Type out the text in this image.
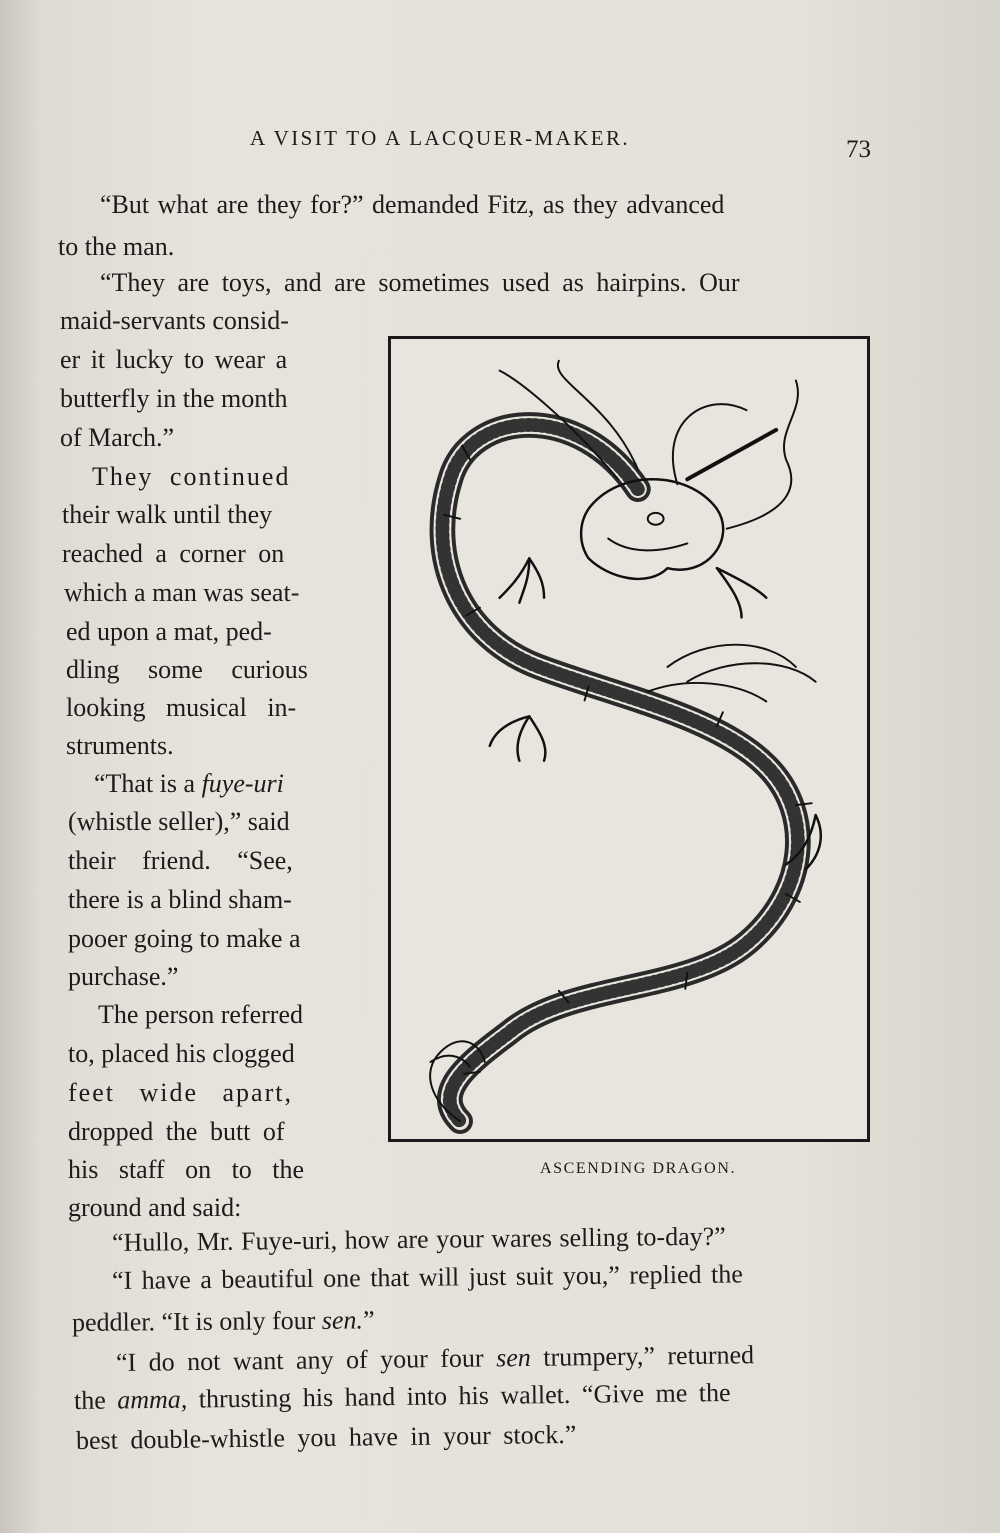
A VISIT TO A LACQUER-MAKER.	73
“But what are they for?” demanded Fitz, as they advanced
to the man.
“They are toys, and are sometimes used as hairpins. Our
maid-servants consid-
er it lucky to wear a
butterfly in the month
of March.”
They continued
their walk until they
reached a corner on
which a man was seat-
ed upon a mat, ped-
dling some curious
looking musical in-
struments.
“That is a fuye-uri
(whistle seller),” said
their friend. “See,
there is a blind sham-
pooer going to make a
purchase.”
The person referred
to, placed his clogged
feet wide apart,
dropped the butt of
his staff on to the
ground and said:
ASCENDING DRAGON.
“Hullo, Mr. Fuye-uri, how are your wares selling to-day?”
“I have a beautiful one that will just suit you,” replied the
peddler. “It is only four sen.”
“I do not want any of your four sen trumpery,” returned
the amma, thrusting his hand into his wallet. “Give me the
best double-whistle you have in your stock.”
